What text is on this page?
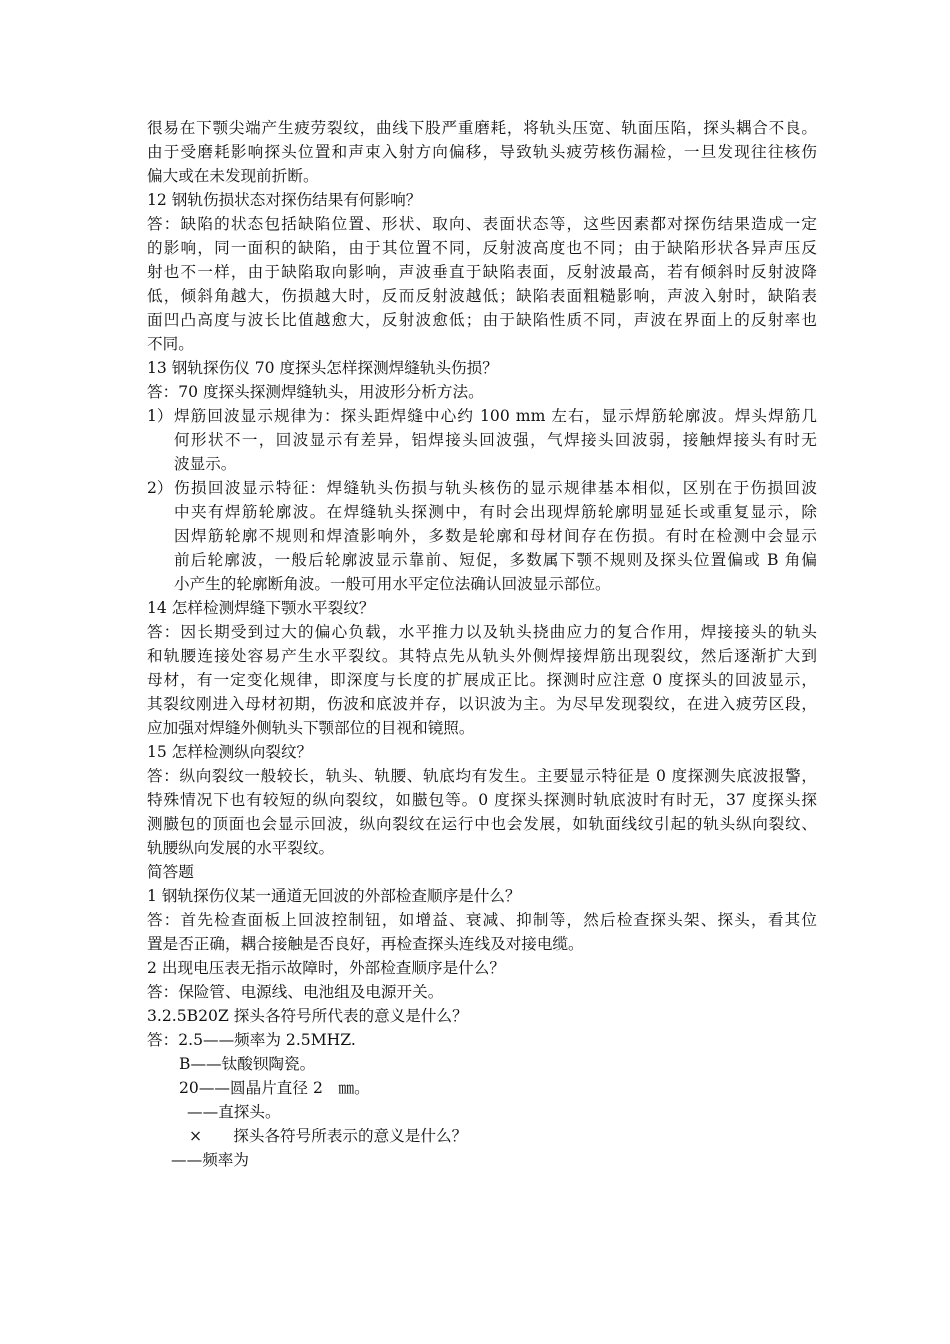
很易在下颚尖端产生疲劳裂纹，曲线下股严重磨耗，将轨头压宽、轨面压陷，探头耦合不良。
由于受磨耗影响探头位置和声束入射方向偏移，导致轨头疲劳核伤漏检，一旦发现往往核伤
偏大或在未发现前折断。
12 钢轨伤损状态对探伤结果有何影响？
答：缺陷的状态包括缺陷位置、形状、取向、表面状态等，这些因素都对探伤结果造成一定
的影响，同一面积的缺陷，由于其位置不同，反射波高度也不同；由于缺陷形状各异声压反
射也不一样，由于缺陷取向影响，声波垂直于缺陷表面，反射波最高，若有倾斜时反射波降
低，倾斜角越大，伤损越大时，反而反射波越低；缺陷表面粗糙影响，声波入射时，缺陷表
面凹凸高度与波长比值越愈大，反射波愈低；由于缺陷性质不同，声波在界面上的反射率也
不同。
13 钢轨探伤仪 70 度探头怎样探测焊缝轨头伤损？
答：70 度探头探测焊缝轨头，用波形分析方法。
1） 焊筋回波显示规律为：探头距焊缝中心约 100 mm 左右，显示焊筋轮廓波。焊头焊筋几
何形状不一，回波显示有差异，铝焊接头回波强，气焊接头回波弱，接触焊接头有时无
波显示。
2） 伤损回波显示特征：焊缝轨头伤损与轨头核伤的显示规律基本相似，区别在于伤损回波
中夹有焊筋轮廓波。在焊缝轨头探测中，有时会出现焊筋轮廓明显延长或重复显示，除
因焊筋轮廓不规则和焊渣影响外，多数是轮廓和母材间存在伤损。有时在检测中会显示
前后轮廓波，一般后轮廓波显示靠前、短促，多数属下颚不规则及探头位置偏或 B 角偏
小产生的轮廓断角波。一般可用水平定位法确认回波显示部位。
14 怎样检测焊缝下颚水平裂纹？
答：因长期受到过大的偏心负载，水平推力以及轨头挠曲应力的复合作用，焊接接头的轨头
和轨腰连接处容易产生水平裂纹。其特点先从轨头外侧焊接焊筋出现裂纹，然后逐渐扩大到
母材，有一定变化规律，即深度与长度的扩展成正比。探测时应注意 0 度探头的回波显示，
其裂纹刚进入母材初期，伤波和底波并存，以识波为主。为尽早发现裂纹，在进入疲劳区段，
应加强对焊缝外侧轨头下颚部位的目视和镜照。
15 怎样检测纵向裂纹？
答：纵向裂纹一般较长，轨头、轨腰、轨底均有发生。主要显示特征是 0 度探测失底波报警，
特殊情况下也有较短的纵向裂纹，如臌包等。0 度探头探测时轨底波时有时无，37 度探头探
测臌包的顶面也会显示回波，纵向裂纹在运行中也会发展，如轨面线纹引起的轨头纵向裂纹、
轨腰纵向发展的水平裂纹。
简答题
1 钢轨探伤仪某一通道无回波的外部检查顺序是什么？
答：首先检查面板上回波控制钮，如增益、衰减、抑制等，然后检查探头架、探头，看其位
置是否正确，耦合接触是否良好，再检查探头连线及对接电缆。
2 出现电压表无指示故障时，外部检查顺序是什么？
答：保险管、电源线、电池组及电源开关。
3.2.5B20Z 探头各符号所代表的意义是什么？
答：2.5——频率为 2.5MHZ.
B——钛酸钡陶瓷。
20——圆晶片直径 2　㎜。
——直探头。
×　　探头各符号所表示的意义是什么？
——频率为
